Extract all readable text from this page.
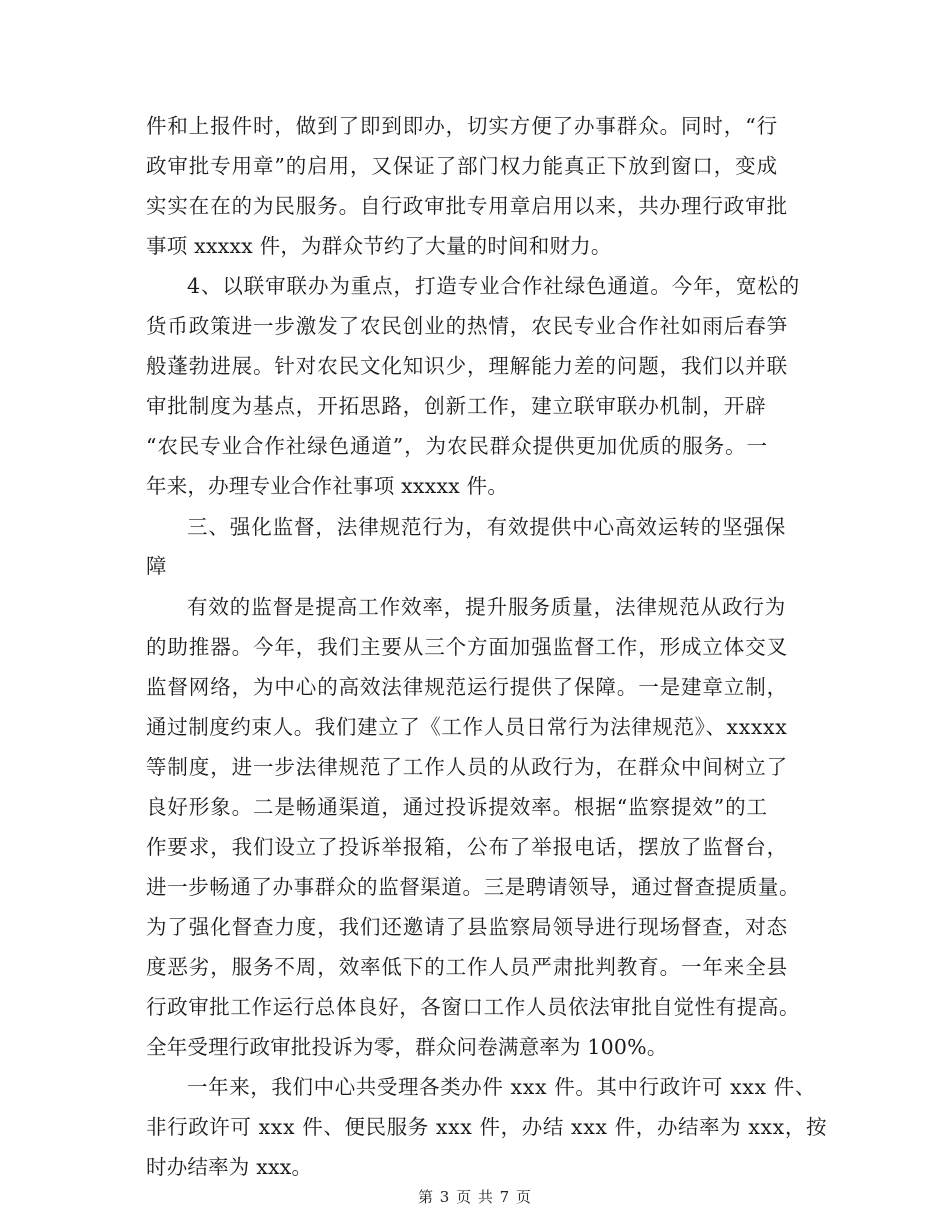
件和上报件时，做到了即到即办，切实方便了办事群众。同时，“行
政审批专用章”的启用，又保证了部门权力能真正下放到窗口，变成
实实在在的为民服务。自行政审批专用章启用以来，共办理行政审批
事项 xxxxx 件，为群众节约了大量的时间和财力。
4、以联审联办为重点，打造专业合作社绿色通道。今年，宽松的
货币政策进一步激发了农民创业的热情，农民专业合作社如雨后春笋
般蓬勃进展。针对农民文化知识少，理解能力差的问题，我们以并联
审批制度为基点，开拓思路，创新工作，建立联审联办机制，开辟
“农民专业合作社绿色通道”，为农民群众提供更加优质的服务。一
年来，办理专业合作社事项 xxxxx 件。
三、强化监督，法律规范行为，有效提供中心高效运转的坚强保
障
有效的监督是提高工作效率，提升服务质量，法律规范从政行为
的助推器。今年，我们主要从三个方面加强监督工作，形成立体交叉
监督网络，为中心的高效法律规范运行提供了保障。一是建章立制，
通过制度约束人。我们建立了《工作人员日常行为法律规范》、xxxxx
等制度，进一步法律规范了工作人员的从政行为，在群众中间树立了
良好形象。二是畅通渠道，通过投诉提效率。根据“监察提效”的工
作要求，我们设立了投诉举报箱，公布了举报电话，摆放了监督台，
进一步畅通了办事群众的监督渠道。三是聘请领导，通过督查提质量。
为了强化督查力度，我们还邀请了县监察局领导进行现场督查，对态
度恶劣，服务不周，效率低下的工作人员严肃批判教育。一年来全县
行政审批工作运行总体良好，各窗口工作人员依法审批自觉性有提高。
全年受理行政审批投诉为零，群众问卷满意率为 100%。
一年来，我们中心共受理各类办件 xxx 件。其中行政许可 xxx 件、
非行政许可 xxx 件、便民服务 xxx 件，办结 xxx 件，办结率为 xxx，按
时办结率为 xxx。
第 3 页 共 7 页
